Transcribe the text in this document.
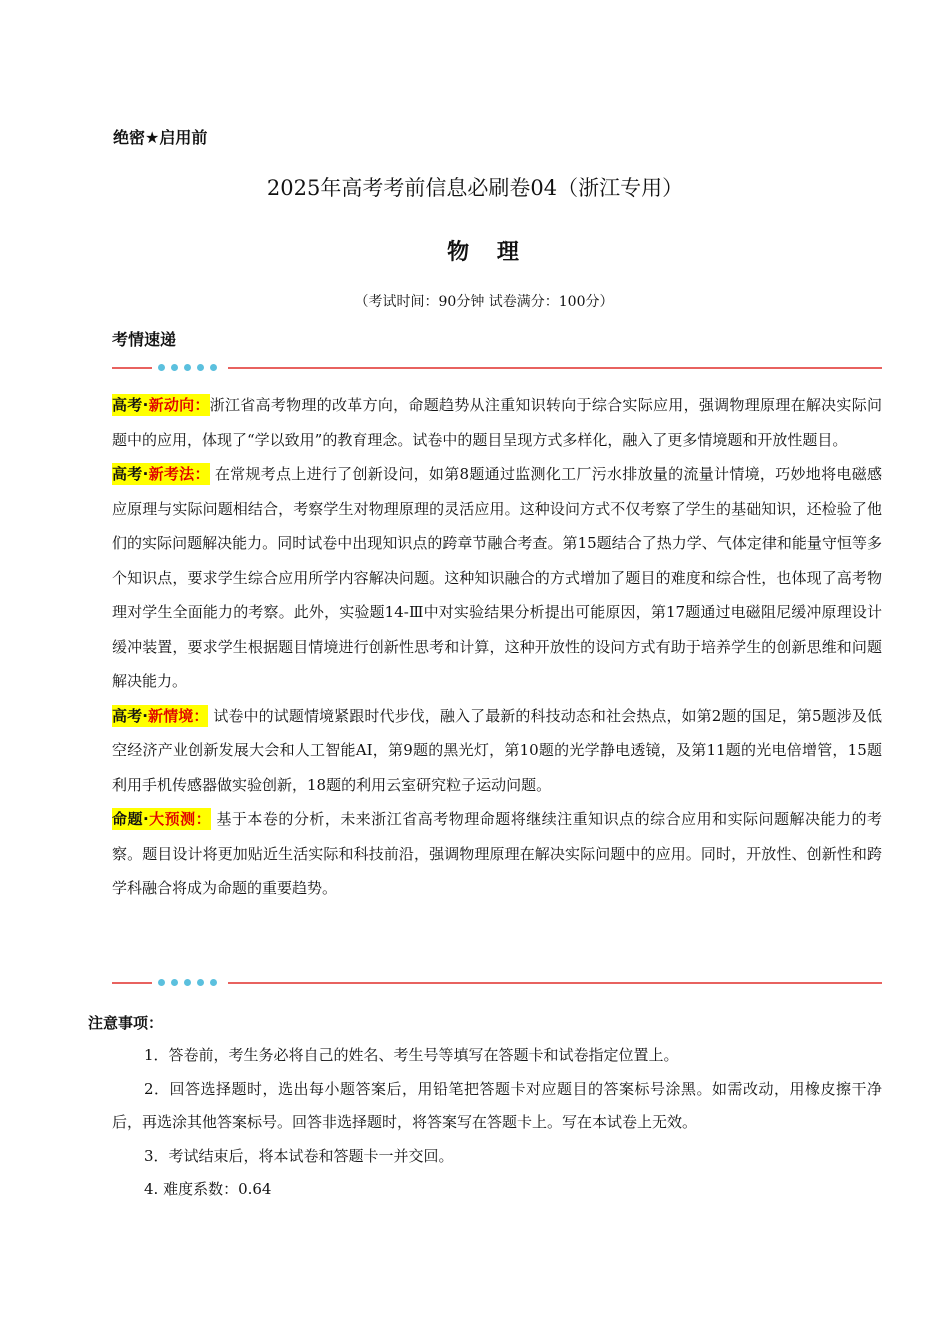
绝密★启用前
2025年高考考前信息必刷卷04（浙江专用）
物 理
（考试时间：90分钟 试卷满分：100分）
考情速递

高考·新动向：浙江省高考物理的改革方向，命题趋势从注重知识转向于综合实际应用，强调物理原理在解决实际问题中的应用，体现了“学以致用”的教育理念。试卷中的题目呈现方式多样化，融入了更多情境题和开放性题目。

高考·新考法： 在常规考点上进行了创新设问，如第8题通过监测化工厂污水排放量的流量计情境，巧妙地将电磁感应原理与实际问题相结合，考察学生对物理原理的灵活应用。这种设问方式不仅考察了学生的基础知识，还检验了他们的实际问题解决能力。同时试卷中出现知识点的跨章节融合考查。第15题结合了热力学、气体定律和能量守恒等多个知识点，要求学生综合应用所学内容解决问题。这种知识融合的方式增加了题目的难度和综合性，也体现了高考物理对学生全面能力的考察。此外，实验题14-Ⅲ中对实验结果分析提出可能原因，第17题通过电磁阻尼缓冲原理设计缓冲装置，要求学生根据题目情境进行创新性思考和计算，这种开放性的设问方式有助于培养学生的创新思维和问题解决能力。

高考·新情境： 试卷中的试题情境紧跟时代步伐，融入了最新的科技动态和社会热点，如第2题的国足，第5题涉及低空经济产业创新发展大会和人工智能AI，第9题的黑光灯，第10题的光学静电透镜，及第11题的光电倍增管，15题利用手机传感器做实验创新，18题的利用云室研究粒子运动问题。

命题·大预测： 基于本卷的分析，未来浙江省高考物理命题将继续注重知识点的综合应用和实际问题解决能力的考察。题目设计将更加贴近生活实际和科技前沿，强调物理原理在解决实际问题中的应用。同时，开放性、创新性和跨学科融合将成为命题的重要趋势。

注意事项：

1．答卷前，考生务必将自己的姓名、考生号等填写在答题卡和试卷指定位置上。

2．回答选择题时，选出每小题答案后，用铅笔把答题卡对应题目的答案标号涂黑。如需改动，用橡皮擦干净后，再选涂其他答案标号。回答非选择题时，将答案写在答题卡上。写在本试卷上无效。

3．考试结束后，将本试卷和答题卡一并交回。

4. 难度系数：0.64
